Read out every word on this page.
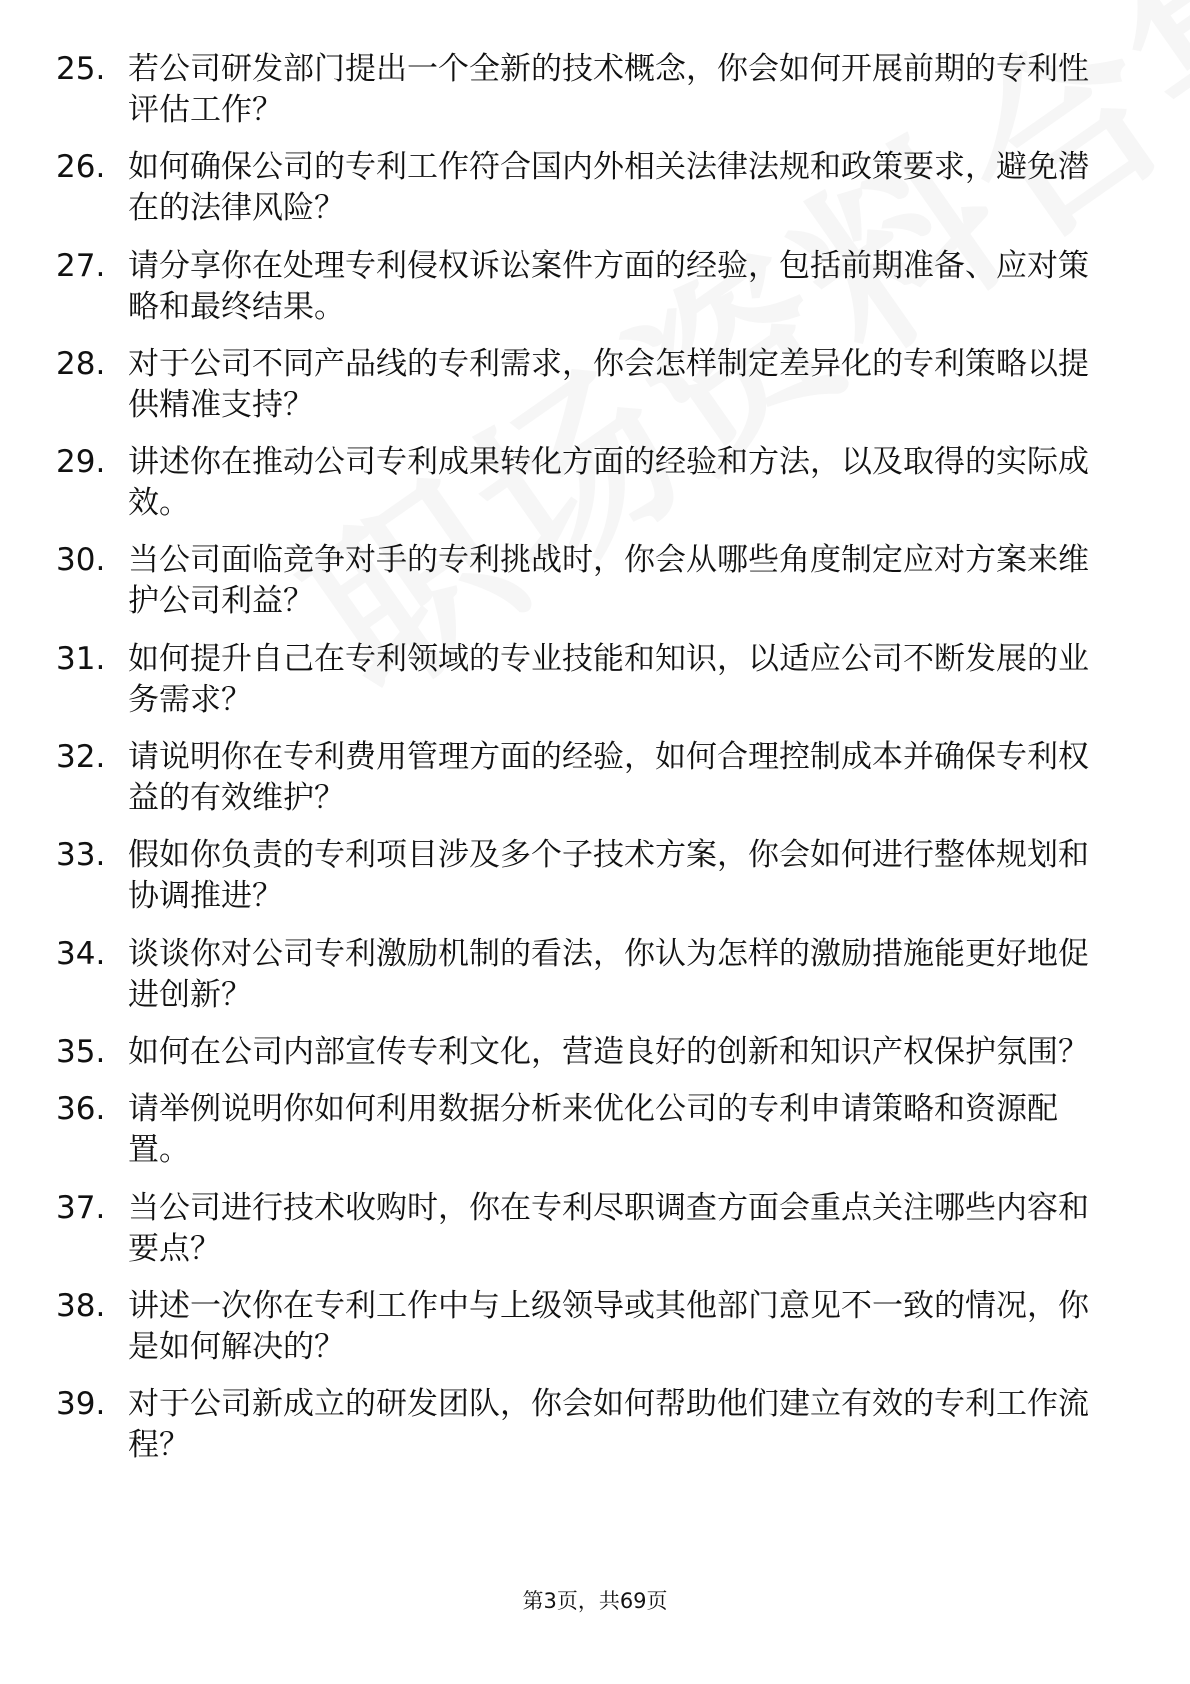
25. 若公司研发部门提出一个全新的技术概念，你会如何开展前期的专利性评估工作？
26. 如何确保公司的专利工作符合国内外相关法律法规和政策要求，避免潜在的法律风险？
27. 请分享你在处理专利侵权诉讼案件方面的经验，包括前期准备、应对策略和最终结果。
28. 对于公司不同产品线的专利需求，你会怎样制定差异化的专利策略以提供精准支持？
29. 讲述你在推动公司专利成果转化方面的经验和方法，以及取得的实际成效。
30. 当公司面临竞争对手的专利挑战时，你会从哪些角度制定应对方案来维护公司利益？
31. 如何提升自己在专利领域的专业技能和知识，以适应公司不断发展的业务需求？
32. 请说明你在专利费用管理方面的经验，如何合理控制成本并确保专利权益的有效维护？
33. 假如你负责的专利项目涉及多个子技术方案，你会如何进行整体规划和协调推进？
34. 谈谈你对公司专利激励机制的看法，你认为怎样的激励措施能更好地促进创新？
35. 如何在公司内部宣传专利文化，营造良好的创新和知识产权保护氛围？
36. 请举例说明你如何利用数据分析来优化公司的专利申请策略和资源配置。
37. 当公司进行技术收购时，你在专利尽职调查方面会重点关注哪些内容和要点？
38. 讲述一次你在专利工作中与上级领导或其他部门意见不一致的情况，你是如何解决的？
39. 对于公司新成立的研发团队，你会如何帮助他们建立有效的专利工作流程？
第3页，共69页
